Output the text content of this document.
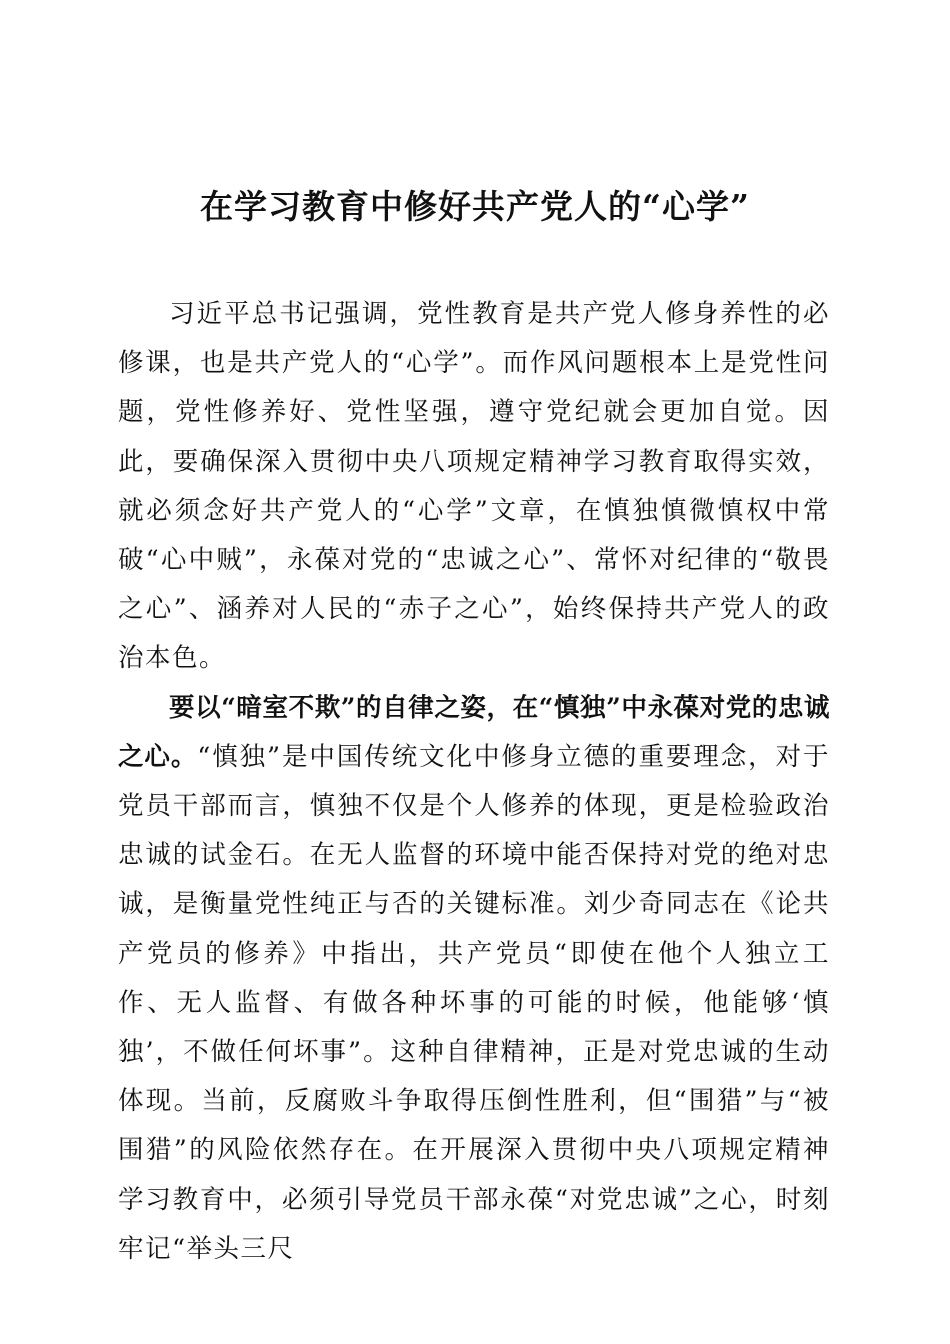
在学习教育中修好共产党人的“心学”

习近平总书记强调，党性教育是共产党人修身养性的必修课，也是共产党人的“心学”。而作风问题根本上是党性问题，党性修养好、党性坚强，遵守党纪就会更加自觉。因此，要确保深入贯彻中央八项规定精神学习教育取得实效，就必须念好共产党人的“心学”文章，在慎独慎微慎权中常破“心中贼”，永葆对党的“忠诚之心”、常怀对纪律的“敬畏之心”、涵养对人民的“赤子之心”，始终保持共产党人的政治本色。

要以“暗室不欺”的自律之姿，在“慎独”中永葆对党的忠诚之心。“慎独”是中国传统文化中修身立德的重要理念，对于党员干部而言，慎独不仅是个人修养的体现，更是检验政治忠诚的试金石。在无人监督的环境中能否保持对党的绝对忠诚，是衡量党性纯正与否的关键标准。刘少奇同志在《论共产党员的修养》中指出，共产党员“即使在他个人独立工作、无人监督、有做各种坏事的可能的时候，他能够‘慎独’，不做任何坏事”。这种自律精神，正是对党忠诚的生动体现。当前，反腐败斗争取得压倒性胜利，但“围猎”与“被围猎”的风险依然存在。在开展深入贯彻中央八项规定精神学习教育中，必须引导党员干部永葆“对党忠诚”之心，时刻牢记“举头三尺
